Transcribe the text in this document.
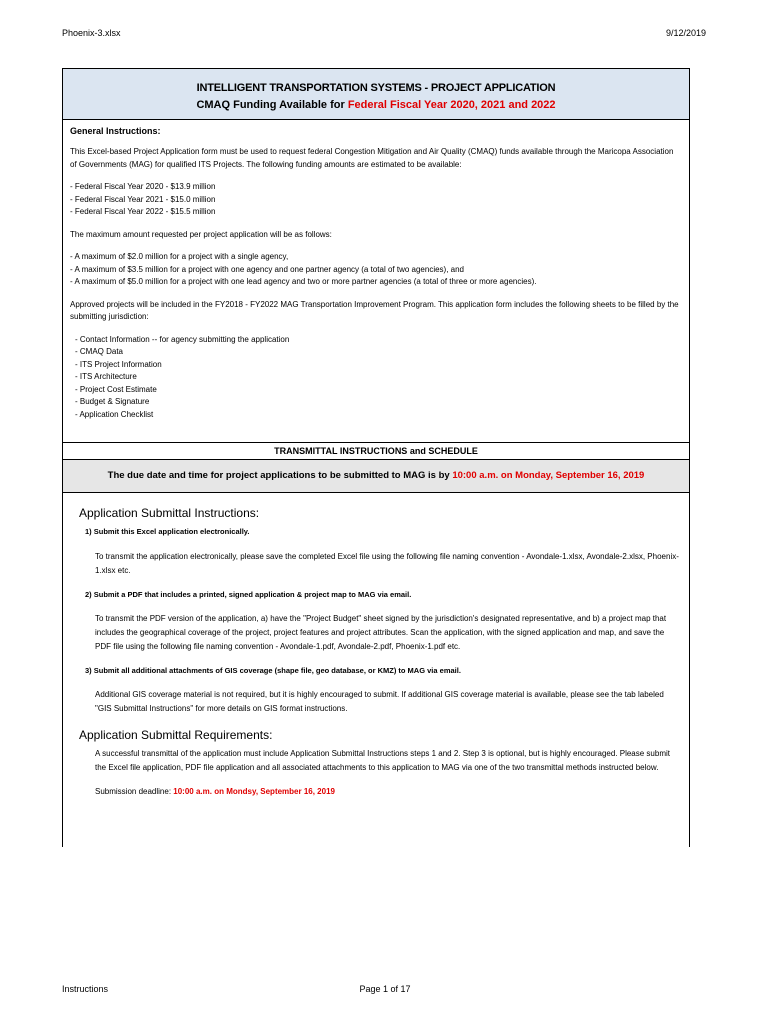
Phoenix-3.xlsx	9/12/2019
INTELLIGENT TRANSPORTATION SYSTEMS - PROJECT APPLICATION
CMAQ Funding Available for Federal Fiscal Year 2020, 2021 and 2022
General Instructions:
This Excel-based Project Application form must be used to request federal Congestion Mitigation and Air Quality (CMAQ) funds available through the Maricopa Association of Governments (MAG) for qualified ITS Projects. The following funding amounts are estimated to be available:
- Federal Fiscal Year 2020 - $13.9 million
- Federal Fiscal Year 2021 - $15.0 million
- Federal Fiscal Year 2022 - $15.5 million
The maximum amount requested per project application will be as follows:
- A maximum of $2.0 million for a project with a single agency,
- A maximum of $3.5 million for a project with one agency and one partner agency (a total of two agencies), and
- A maximum of $5.0 million for a project with one lead agency and two or more partner agencies (a total of three or more agencies).
Approved projects will be included in the FY2018 - FY2022 MAG Transportation Improvement Program. This application form includes the following sheets to be filled by the submitting jurisdiction:
- Contact Information -- for agency submitting the application
- CMAQ Data
- ITS Project Information
- ITS Architecture
- Project Cost Estimate
- Budget & Signature
- Application Checklist
TRANSMITTAL INSTRUCTIONS and SCHEDULE
The due date and time for project applications to be submitted to MAG is by 10:00 a.m. on Monday, September 16, 2019
Application Submittal Instructions:
1) Submit this Excel application electronically.
To transmit the application electronically, please save the completed Excel file using the following file naming convention - Avondale-1.xlsx, Avondale-2.xlsx, Phoenix-1.xlsx etc.
2) Submit a PDF that includes a printed, signed application & project map to MAG via email.
To transmit the PDF version of the application, a) have the "Project Budget" sheet signed by the jurisdiction's designated representative, and b) a project map that includes the geographical coverage of the project, project features and project attributes. Scan the application, with the signed application and map, and save the PDF file using the following file naming convention - Avondale-1.pdf, Avondale-2.pdf, Phoenix-1.pdf etc.
3) Submit all additional attachments of GIS coverage (shape file, geo database, or KMZ) to MAG via email.
Additional GIS coverage material is not required, but it is highly encouraged to submit. If additional GIS coverage material is available, please see the tab labeled "GIS Submittal Instructions" for more details on GIS format instructions.
Application Submittal Requirements:
A successful transmittal of the application must include Application Submittal Instructions steps 1 and 2. Step 3 is optional, but is highly encouraged. Please submit the Excel file application, PDF file application and all associated attachments to this application to MAG via one of the two transmittal methods instructed below.
Submission deadline: 10:00 a.m. on Mondsy, September 16, 2019
Instructions	Page 1 of 17
